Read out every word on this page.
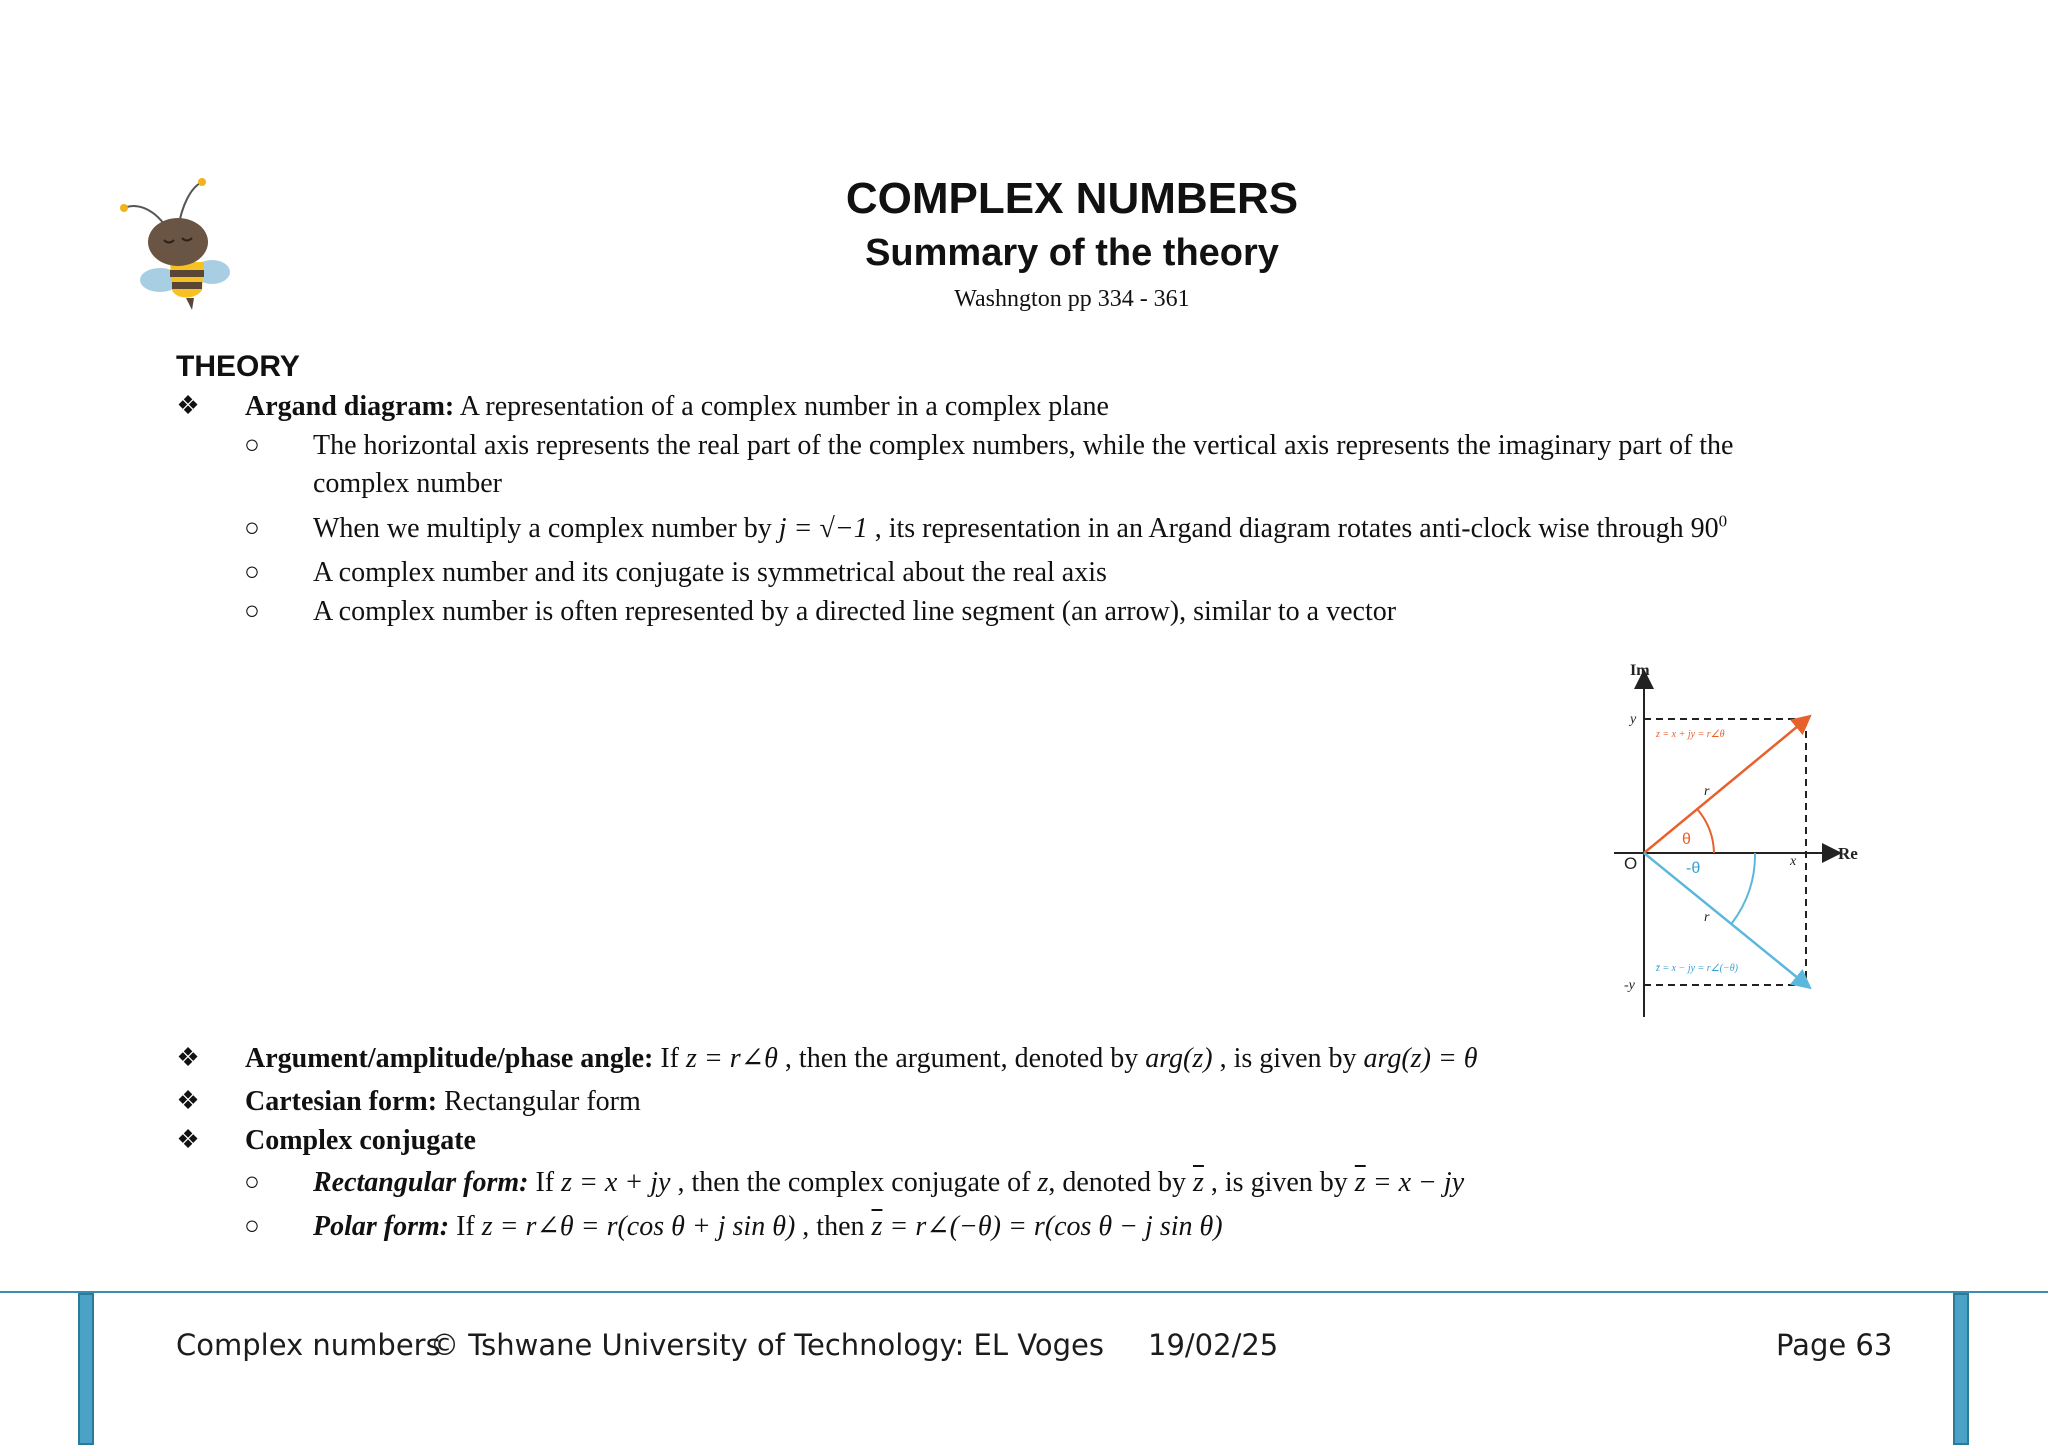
COMPLEX NUMBERS
Summary of the theory
Washngton pp 334 - 361
THEORY
❖ Argand diagram: A representation of a complex number in a complex plane
○	The horizontal axis represents the real part of the complex numbers, while the vertical axis represents the imaginary part of the
complex number
○	When we multiply a complex number by j = √−1 , its representation in an Argand diagram rotates anti-clock wise through $90^0$
○	A complex number and its conjugate is symmetrical about the real axis
○	A complex number is often represented by a directed line segment (an arrow), similar to a vector
Im
Re
O
y
-y
x
r
r
θ
-θ
z = x + jy = r∠θ
z̄ = x − jy = r∠(−θ)
❖ Argument/amplitude/phase angle: If z = r∠θ , then the argument, denoted by arg(z) , is given by arg(z) = θ
❖ Cartesian form: Rectangular form
❖ Complex conjugate
○	Rectangular form: If z = x + jy , then the complex conjugate of z, denoted by $\overline{z}$ , is given by $\overline{z} = x$ − jy
○	Polar form: If z = r∠θ = r(cos θ + j sin θ) , then $\overline{z}$ = r∠(−θ) = r(cos θ − j sin θ)
Complex numbers
© Tshwane University of Technology: EL Voges 19/02/25	Page 63
